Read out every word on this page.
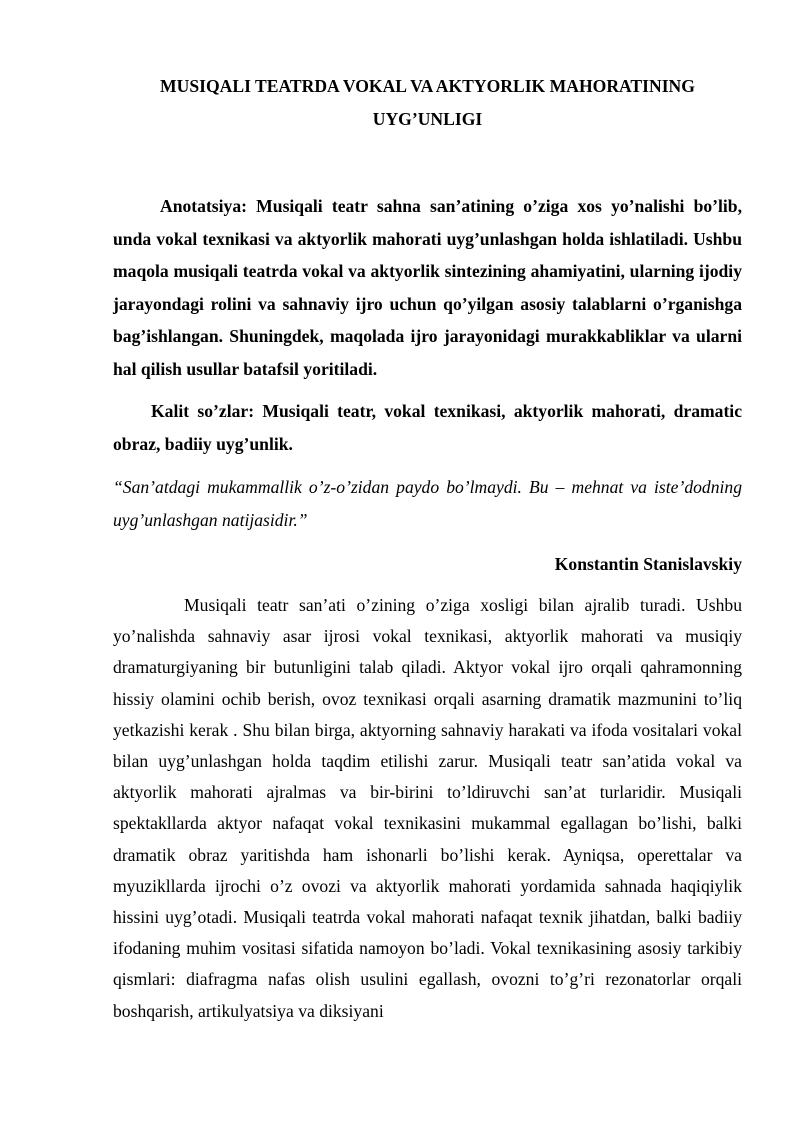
MUSIQALI TEATRDA VOKAL VA AKTYORLIK MAHORATINING
UYG’UNLIGI

Anotatsiya: Musiqali teatr sahna san’atining o’ziga xos yo’nalishi bo’lib, unda vokal texnikasi va aktyorlik mahorati uyg’unlashgan holda ishlatiladi. Ushbu maqola musiqali teatrda vokal va aktyorlik sintezining ahamiyatini, ularning ijodiy jarayondagi rolini va sahnaviy ijro uchun qo’yilgan asosiy talablarni o’rganishga bag’ishlangan. Shuningdek, maqolada ijro jarayonidagi murakkabliklar va ularni hal qilish usullar batafsil yoritiladi.

Kalit so’zlar: Musiqali teatr, vokal texnikasi, aktyorlik mahorati, dramatic obraz, badiiy uyg’unlik.

“San’atdagi mukammallik o’z-o’zidan paydo bo’lmaydi. Bu – mehnat va iste’dodning uyg’unlashgan natijasidir.”

Konstantin Stanislavskiy

Musiqali teatr san’ati o’zining o’ziga xosligi bilan ajralib turadi. Ushbu yo’nalishda sahnaviy asar ijrosi vokal texnikasi, aktyorlik mahorati va musiqiy dramaturgiyaning bir butunligini talab qiladi. Aktyor vokal ijro orqali qahramonning hissiy olamini ochib berish, ovoz texnikasi orqali asarning dramatik mazmunini to’liq yetkazishi kerak . Shu bilan birga, aktyorning sahnaviy harakati va ifoda vositalari vokal bilan uyg’unlashgan holda taqdim etilishi zarur. Musiqali teatr san’atida vokal va aktyorlik mahorati ajralmas va bir-birini to’ldiruvchi san’at turlaridir. Musiqali spektakllarda aktyor nafaqat vokal texnikasini mukammal egallagan bo’lishi, balki dramatik obraz yaritishda ham ishonarli bo’lishi kerak. Ayniqsa, operettalar va myuzikllarda ijrochi o’z ovozi va aktyorlik mahorati yordamida sahnada haqiqiylik hissini uyg’otadi. Musiqali teatrda vokal mahorati nafaqat texnik jihatdan, balki badiiy ifodaning muhim vositasi sifatida namoyon bo’ladi. Vokal texnikasining asosiy tarkibiy qismlari: diafragma nafas olish usulini egallash, ovozni to’g’ri rezonatorlar orqali boshqarish, artikulyatsiya va diksiyani
